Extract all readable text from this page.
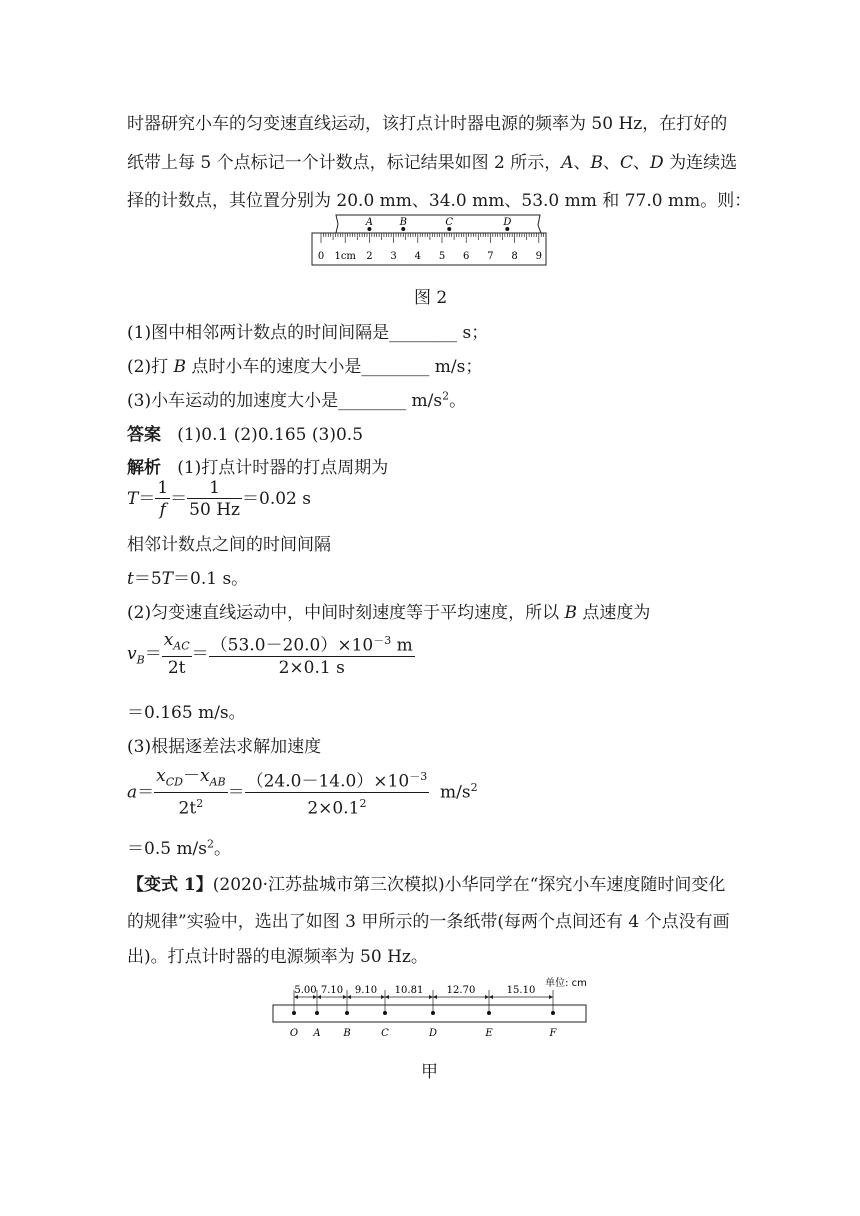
时器研究小车的匀变速直线运动，该打点计时器电源的频率为 50 Hz，在打好的
纸带上每 5 个点标记一个计数点，标记结果如图 2 所示，A、B、C、D 为连续选
择的计数点，其位置分别为 20.0 mm、34.0 mm、53.0 mm 和 77.0 mm。则：
0 1cm 2 3 4 5 6 7 8 9
A	B	C	D
图 2
(1)图中相邻两计数点的时间间隔是________ s；
(2)打 B 点时小车的速度大小是________ m/s；
(3)小车运动的加速度大小是________ $m/s^2$。
答案 (1)0.1 (2)0.165 (3)0.5
解析 (1)打点计时器的打点周期为
$T= \frac{1}{f} = \frac{1}{50 Hz} =0.02$ s
相邻计数点之间的时间间隔
t＝5T＝0.1 s。
(2)匀变速直线运动中，中间时刻速度等于平均速度，所以 B 点速度为
$v_B= \frac{x_{AC}}{2t} = \frac{(53.0-20.0)\times 10^{-3} m}{2\times 0.1 s}$
＝0.165 m/s。
(3)根据逐差法求解加速度
$a= \frac{x_{CD}-x_{AB}}{2t^2} = \frac{(24.0-14.0)\times 10^{-3}}{2\times 0.1^2} m/s^2$
＝0.5 $m/s^2$。
【变式 1】(2020·江苏盐城市第三次模拟)小华同学在“探究小车速度随时间变化
的规律”实验中，选出了如图 3 甲所示的一条纸带(每两个点间还有 4 个点没有画
出)。打点计时器的电源频率为 50 Hz。
单位: cm
5.00 7.10 9.10 10.81 12.70	15.10
O A B	C	D	E	F
甲
